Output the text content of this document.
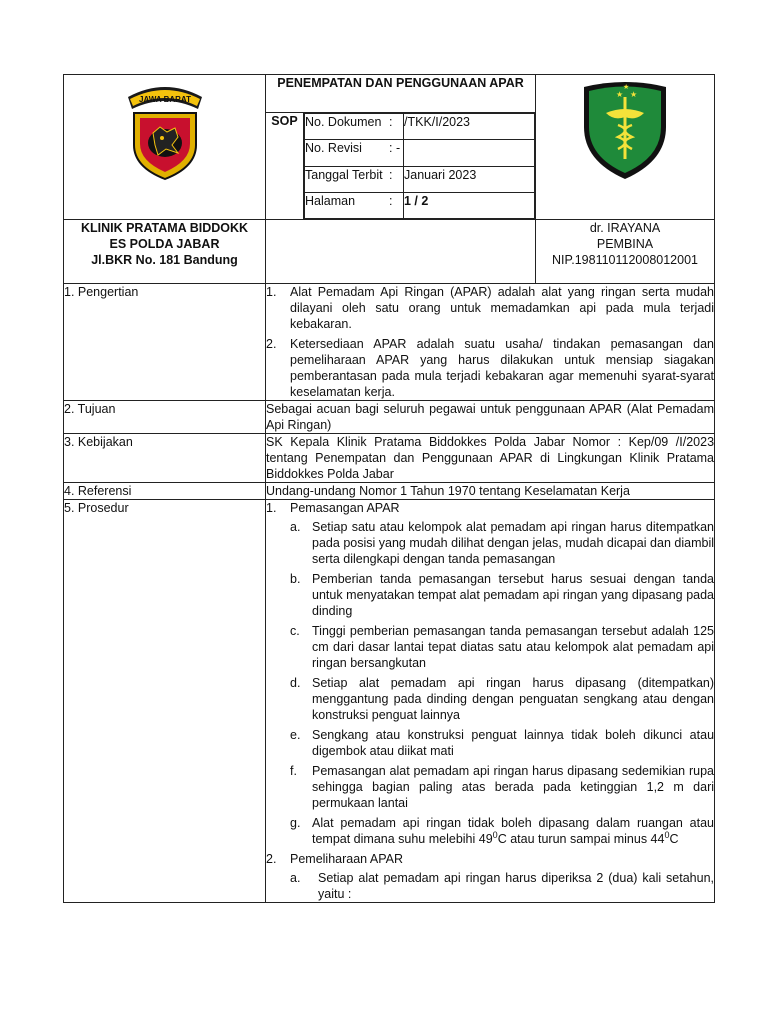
JAWA BARAT
	PENEMPATAN DAN PENGGUNAAN APAR	
★ ★
★

SOP	No. Dokumen	:	/TKK/I/2023
No. Revisi	: -	
Tanggal Terbit	:	Januari 2023
Halaman	:	1 / 2

KLINIK PRATAMA BIDDOKK
ES POLDA JABAR
Jl.BKR No. 181 Bandung

dr. IRAYANA
PEMBINA
NIP.198110112008012001

1. Pengertian	1. Alat Pemadam Api Ringan (APAR) adalah alat yang ringan serta mudah dilayani oleh satu orang untuk memadamkan api pada mula terjadi kebakaran.
2. Ketersediaan APAR adalah suatu usaha/ tindakan pemasangan dan pemeliharaan APAR yang harus dilakukan untuk mensiap siagakan pemberantasan pada mula terjadi kebakaran agar memenuhi syarat-syarat keselamatan kerja.

2. Tujuan	Sebagai acuan bagi seluruh pegawai untuk penggunaan APAR (Alat Pemadam Api Ringan)
3. Kebijakan	SK Kepala Klinik Pratama Biddokkes Polda Jabar Nomor : Kep/09 /I/2023 tentang Penempatan dan Penggunaan APAR di Lingkungan Klinik Pratama Biddokkes Polda Jabar
4. Referensi	Undang-undang Nomor 1 Tahun 1970 tentang Keselamatan Kerja
5. Prosedur	1. Pemasangan APAR
a. Setiap satu atau kelompok alat pemadam api ringan harus ditempatkan pada posisi yang mudah dilihat dengan jelas, mudah dicapai dan diambil serta dilengkapi dengan tanda pemasangan
b. Pemberian tanda pemasangan tersebut harus sesuai dengan tanda untuk menyatakan tempat alat pemadam api ringan yang dipasang pada dinding
c. Tinggi pemberian pemasangan tanda pemasangan tersebut adalah 125 cm dari dasar lantai tepat diatas satu atau kelompok alat pemadam api ringan bersangkutan
d. Setiap alat pemadam api ringan harus dipasang (ditempatkan) menggantung pada dinding dengan penguatan sengkang atau dengan konstruksi penguat lainnya
e. Sengkang atau konstruksi penguat lainnya tidak boleh dikunci atau digembok atau diikat mati
f. Pemasangan alat pemadam api ringan harus dipasang sedemikian rupa sehingga bagian paling atas berada pada ketinggian 1,2 m dari permukaan lantai
g. Alat pemadam api ringan tidak boleh dipasang dalam ruangan atau tempat dimana suhu melebihi $49^0C$ atau turun sampai minus $44^0C$
2. Pemeliharaan APAR
a. Setiap alat pemadam api ringan harus diperiksa 2 (dua) kali setahun, yaitu :
